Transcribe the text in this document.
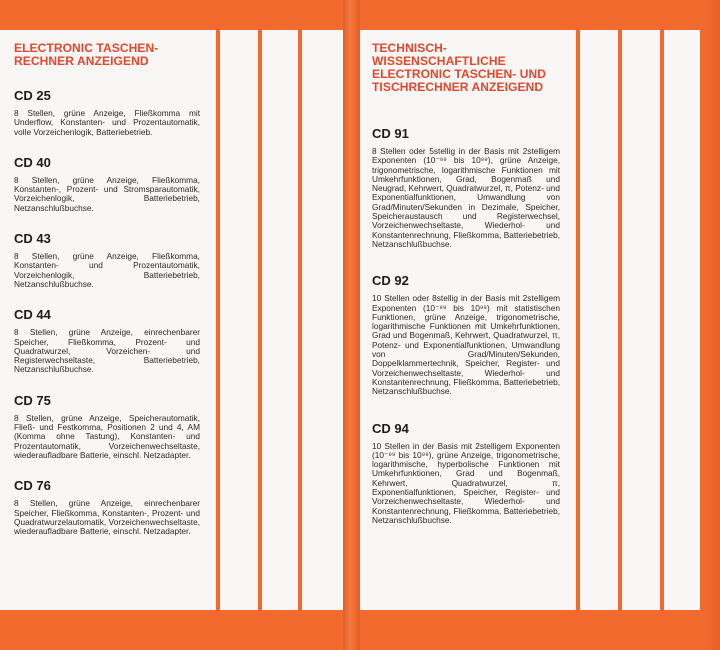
ELECTRONIC TASCHEN-RECHNER ANZEIGEND
CD 25

8 Stellen, grüne Anzeige, Fließkomma mit Underflow, Konstanten- und Prozentautomatik, volle Vorzeichenlogik, Batteriebetrieb.

CD 40

8 Stellen, grüne Anzeige, Fließkomma, Konstanten-, Prozent- und Stromsparautomatik, Vorzeichenlogik, Batteriebetrieb, Netzanschlußbuchse.

CD 43

8 Stellen, grüne Anzeige, Fließkomma, Konstanten- und Prozentautomatik, Vorzeichenlogik, Batteriebetrieb, Netzanschlußbuchse.

CD 44

8 Stellen, grüne Anzeige, einrechenbarer Speicher, Fließkomma, Prozent- und Quadratwurzel, Vorzeichen- und Registerwechseltaste, Batteriebetrieb, Netzanschlußbuchse.

CD 75

8 Stellen, grüne Anzeige, Speicherautomatik, Fließ- und Festkomma, Positionen 2 und 4, AM (Komma ohne Tastung), Konstanten- und Prozentautomatik, Vorzeichenwechseltaste, wiederaufladbare Batterie, einschl. Netzadapter.

CD 76

8 Stellen, grüne Anzeige, einrechenbarer Speicher, Fließkomma, Konstanten-, Prozent- und Quadratwurzelautomatik, Vorzeichenwechseltaste, wiederaufladbare Batterie, einschl. Netzadapter.

TECHNISCH-WISSENSCHAFTLICHE ELECTRONIC TASCHEN- UND TISCHRECHNER ANZEIGEND
CD 91

8 Stellen oder 5stellig in der Basis mit 2stelligem Exponenten (10⁻⁹⁹ bis 10⁹⁹), grüne Anzeige, trigonometrische, logarithmische Funktionen mit Umkehrfunktionen, Grad, Bogenmaß und Neugrad, Kehrwert, Quadratwurzel, π, Potenz- und Exponentialfunktionen, Umwandlung von Grad/Minuten/Sekunden in Dezimale, Speicher, Speicheraustausch und Registerwechsel, Vorzeichenwechseltaste, Wiederhol- und Konstantenrechnung, Fließkomma, Batteriebetrieb, Netzanschlußbuchse.

CD 92

10 Stellen oder 8stellig in der Basis mit 2stelligem Exponenten (10⁻⁹⁹ bis 10⁹⁹) mit statistischen Funktionen, grüne Anzeige, trigonometrische, logarithmische Funktionen mit Umkehrfunktionen, Grad und Bogenmaß, Kehrwert, Quadratwurzel, π, Potenz- und Exponentialfunktionen, Umwandlung von Grad/Minuten/Sekunden, Doppelklammertechnik, Speicher, Register- und Vorzeichenwechseltaste, Wiederhol- und Konstantenrechnung, Fließkomma, Batteriebetrieb, Netzanschlußbuchse.

CD 94

10 Stellen in der Basis mit 2stelligem Exponenten (10⁻⁹⁹ bis 10⁹⁹), grüne Anzeige, trigonometrische, logarithmische, hyperbolische Funktionen mit Umkehrfunktionen, Grad und Bogenmaß, Kehrwert, Quadratwurzel, π, Exponentialfunktionen, Speicher, Register- und Vorzeichenwechseltaste, Wiederhol- und Konstantenrechnung, Fließkomma, Batteriebetrieb, Netzanschlußbuchse.
